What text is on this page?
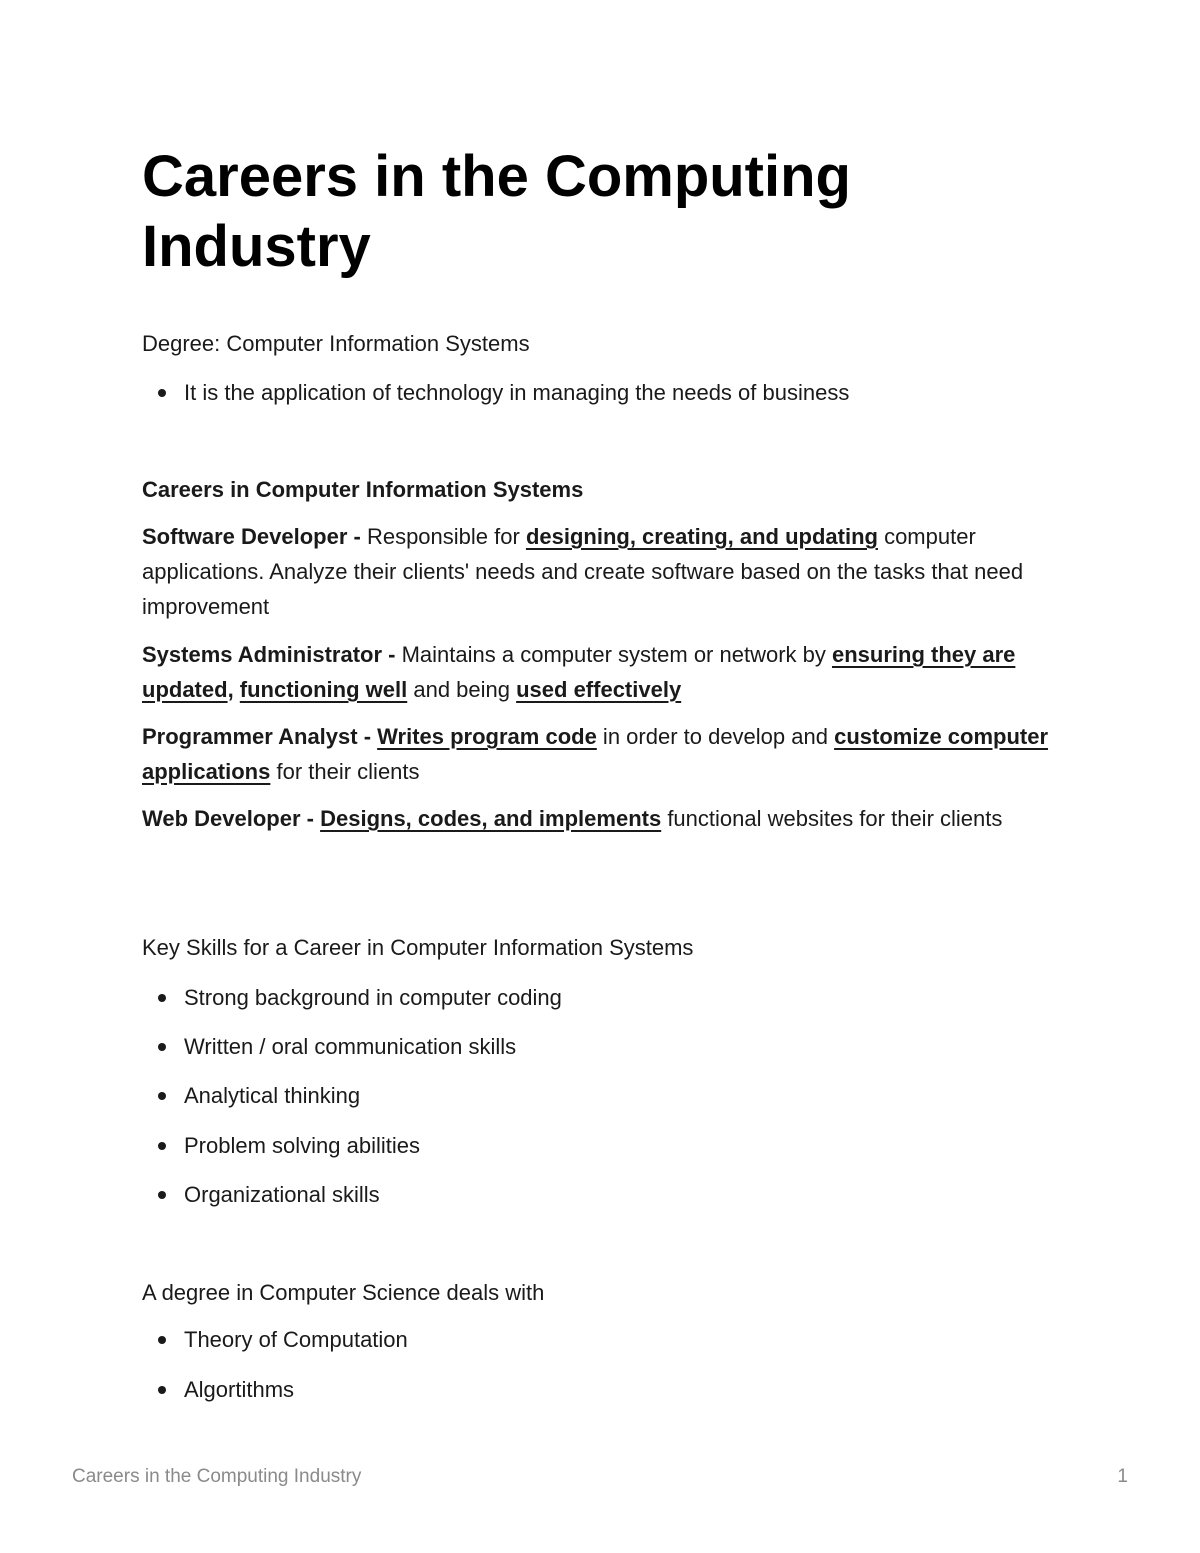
Careers in the Computing Industry

Degree: Computer Information Systems

It is the application of technology in managing the needs of business

Careers in Computer Information Systems

Software Developer - Responsible for designing, creating, and updating computer applications. Analyze their clients' needs and create software based on the tasks that need improvement

Systems Administrator - Maintains a computer system or network by ensuring they are updated, functioning well and being used effectively

Programmer Analyst - Writes program code in order to develop and customize computer applications for their clients

Web Developer - Designs, codes, and implements functional websites for their clients

Key Skills for a Career in Computer Information Systems

Strong background in computer coding
Written / oral communication skills
Analytical thinking
Problem solving abilities
Organizational skills

A degree in Computer Science deals with

Theory of Computation
Algortithms
Careers in the Computing Industry	1
